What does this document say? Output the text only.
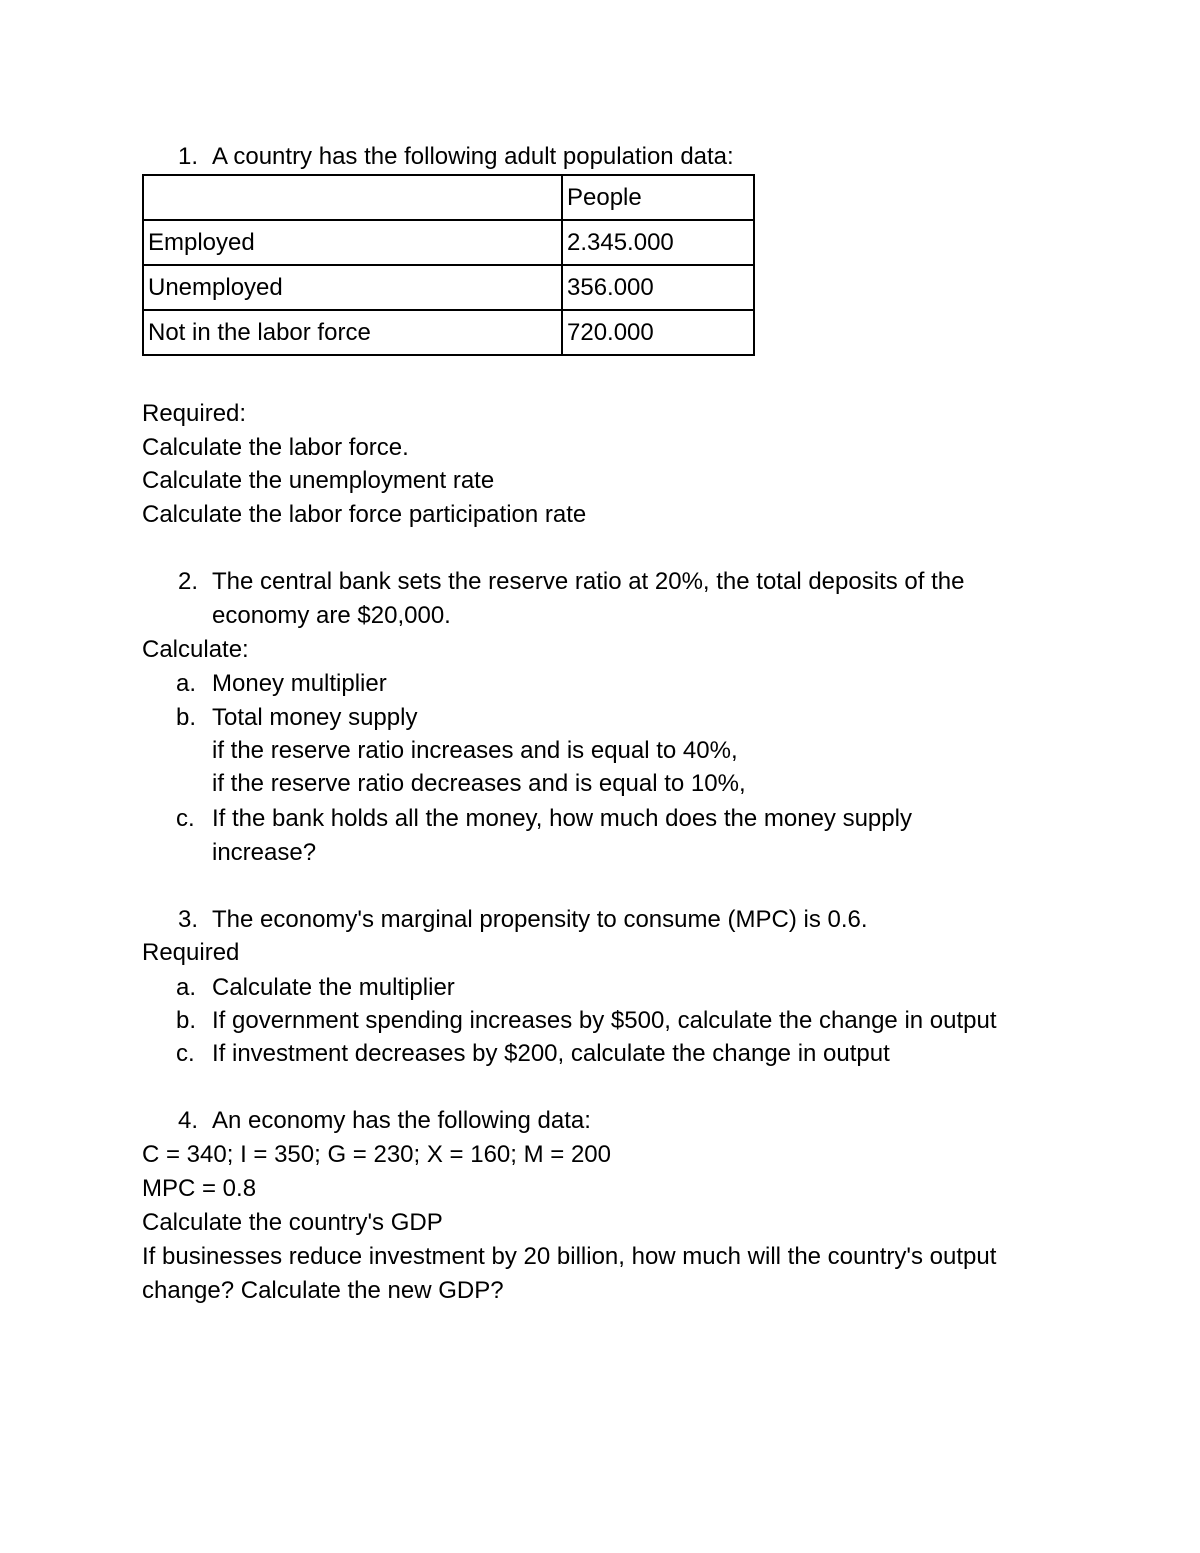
1. A country has the following adult population data:
	People
Employed	2.345.000
Unemployed	356.000
Not in the labor force	720.000
Required:
Calculate the labor force.
Calculate the unemployment rate
Calculate the labor force participation rate
2. The central bank sets the reserve ratio at 20%, the total deposits of the
economy are $20,000.
Calculate:
a. Money multiplier
b. Total money supply
if the reserve ratio increases and is equal to 40%,
if the reserve ratio decreases and is equal to 10%,
c. If the bank holds all the money, how much does the money supply
increase?
3. The economy's marginal propensity to consume (MPC) is 0.6.
Required
a. Calculate the multiplier
b. If government spending increases by $500, calculate the change in output
c. If investment decreases by $200, calculate the change in output
4. An economy has the following data:
C = 340; I = 350; G = 230; X = 160; M = 200
MPC = 0.8
Calculate the country's GDP
If businesses reduce investment by 20 billion, how much will the country's output
change? Calculate the new GDP?
